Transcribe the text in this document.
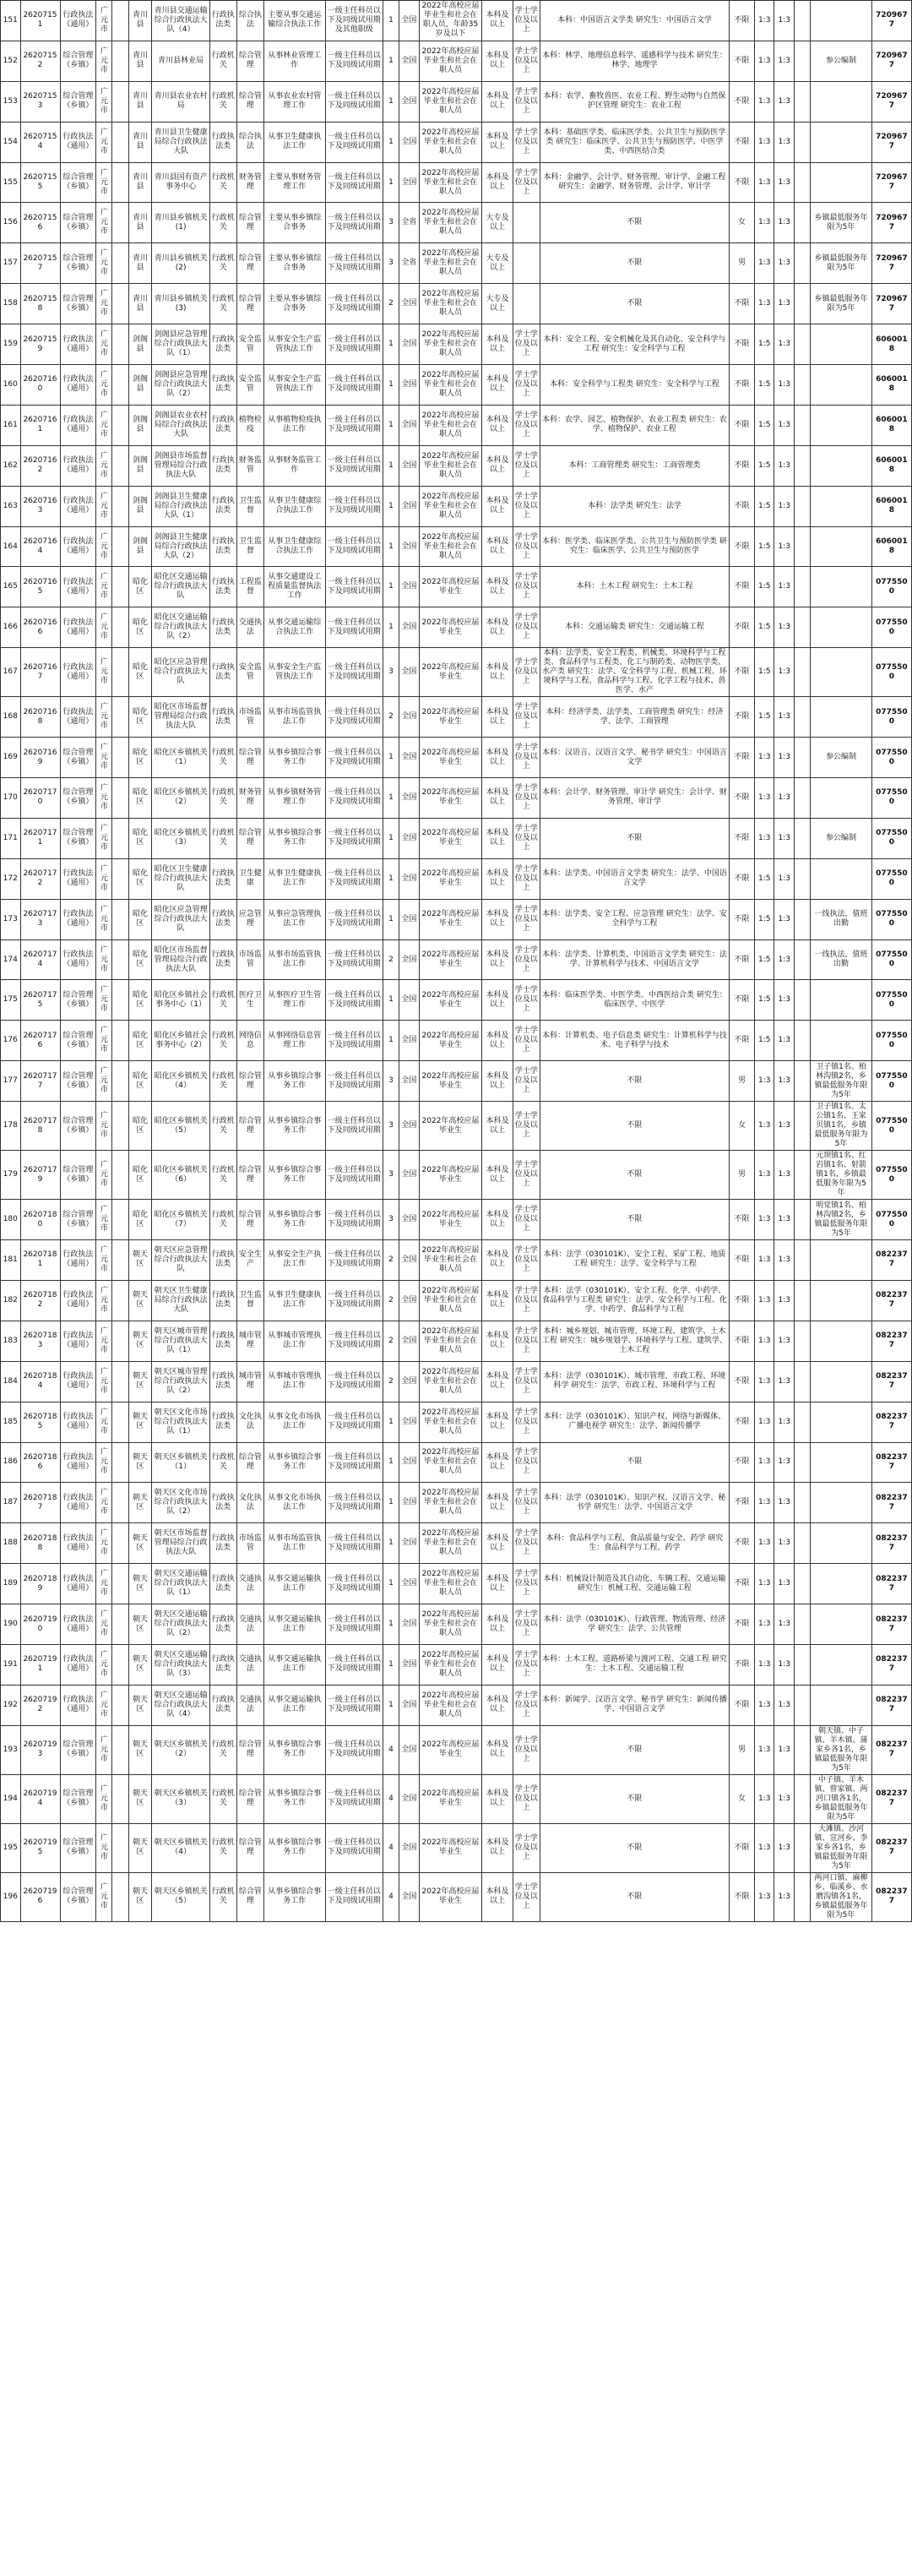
151	26207151	行政执法（通用）	广元市		青川县	青川县交通运输综合行政执法大队（4）	行政执法类	综合执法	主要从事交通运输综合执法工作	一级主任科员以下及同级试用期及其他职级	1	全国	2022年高校应届毕业生和社会在职人员，年龄35岁及以下	本科及以上	学士学位及以上	本科：中国语言文学类 研究生：中国语言文学	不限	1:3	1:3			7209677
152	26207152	综合管理（乡镇）	广元市		青川县	青川县林业局	行政机关	综合管理	从事林业管理工作	一级主任科员以下及同级试用期	1	全国	2022年高校应届毕业生和社会在职人员	本科及以上	学士学位及以上	本科：林学、地理信息科学、遥感科学与技术 研究生：林学、地理学	不限	1:3	1:3		参公编制	7209677
153	26207153	综合管理（乡镇）	广元市		青川县	青川县农业农村局	行政机关	综合管理	从事农业农村管理工作	一级主任科员以下及同级试用期	1	全国	2022年高校应届毕业生和社会在职人员	本科及以上	学士学位及以上	本科：农学、畜牧兽医、农业工程、野生动物与自然保护区管理 研究生：农业工程	不限	1:3	1:3			7209677
154	26207154	行政执法（通用）	广元市		青川县	青川县卫生健康局综合行政执法大队	行政执法类	综合执法	从事卫生健康执法工作	一级主任科员以下及同级试用期	1	全国	2022年高校应届毕业生和社会在职人员	本科及以上	学士学位及以上	本科：基础医学类、临床医学类、公共卫生与预防医学类 研究生：临床医学、公共卫生与预防医学、中医学类、中西医结合类	不限	1:3	1:3			7209677
155	26207155	综合管理（乡镇）	广元市		青川县	青川县国有资产事务中心	行政机关	财务管理	主要从事财务管理工作	一级主任科员以下及同级试用期	1	全国	2022年高校应届毕业生和社会在职人员	本科及以上	学士学位及以上	本科：金融学、会计学、财务管理、审计学、金融工程 研究生：金融学、财务管理、会计学、审计学	不限	1:3	1:3			7209677
156	26207156	综合管理（乡镇）	广元市		青川县	青川县乡镇机关(1)	行政机关	综合管理	主要从事乡镇综合事务	一级主任科员以下及同级试用期	3	全省	2022年高校应届毕业生和社会在职人员	大专及以上		不限	女	1:3	1:3		乡镇最低服务年限为5年	7209677
157	26207157	综合管理（乡镇）	广元市		青川县	青川县乡镇机关(2)	行政机关	综合管理	主要从事乡镇综合事务	一级主任科员以下及同级试用期	3	全省	2022年高校应届毕业生和社会在职人员	大专及以上		不限	男	1:3	1:3		乡镇最低服务年限为5年	7209677
158	26207158	综合管理（乡镇）	广元市		青川县	青川县乡镇机关(3)	行政机关	综合管理	主要从事乡镇综合事务	一级主任科员以下及同级试用期	2	全国	2022年高校应届毕业生和社会在职人员	大专及以上		不限	不限	1:3	1:3		乡镇最低服务年限为5年	7209677
159	26207159	行政执法（通用）	广元市		剑阁县	剑阁县应急管理综合行政执法大队（1）	行政执法类	安全监管	从事安全生产监管执法工作	一级主任科员以下及同级试用期	1	全国	2022年高校应届毕业生和社会在职人员	本科及以上	学士学位及以上	本科：安全工程、安全机械化及其自动化、安全科学与工程 研究生：安全科学与工程	不限	1:5	1:3			6060018
160	26207160	行政执法（通用）	广元市		剑阁县	剑阁县应急管理综合行政执法大队（2）	行政执法类	安全监管	从事安全生产监管执法工作	一级主任科员以下及同级试用期	1	全国	2022年高校应届毕业生和社会在职人员	本科及以上	学士学位及以上	本科：安全科学与工程类 研究生：安全科学与工程	不限	1:5	1:3			6060018
161	26207161	行政执法（通用）	广元市		剑阁县	剑阁县农业农村局综合行政执法大队	行政执法类	植物检疫	从事植物检疫执法工作	一级主任科员以下及同级试用期	1	全国	2022年高校应届毕业生和社会在职人员	本科及以上	学士学位及以上	本科：农学、园艺、植物保护、农业工程类 研究生：农学、植物保护、农业工程	不限	1:5	1:3			6060018
162	26207162	行政执法（通用）	广元市		剑阁县	剑阁县市场监督管理局综合行政执法大队	行政执法类	财务监管	从事财务监管工作	一级主任科员以下及同级试用期	1	全国	2022年高校应届毕业生和社会在职人员	本科及以上	学士学位及以上	本科：工商管理类 研究生：工商管理类	不限	1:5	1:3			6060018
163	26207163	行政执法（通用）	广元市		剑阁县	剑阁县卫生健康局综合行政执法大队（1）	行政执法类	卫生监督	从事卫生健康综合执法工作	一级主任科员以下及同级试用期	1	全国	2022年高校应届毕业生和社会在职人员	本科及以上	学士学位及以上	本科：法学类 研究生：法学	不限	1:5	1:3			6060018
164	26207164	行政执法（通用）	广元市		剑阁县	剑阁县卫生健康局综合行政执法大队（2）	行政执法类	卫生监督	从事卫生健康综合执法工作	一级主任科员以下及同级试用期	1	全国	2022年高校应届毕业生和社会在职人员	本科及以上	学士学位及以上	本科：医学类、临床医学类、公共卫生与预防医学类 研究生：临床医学、公共卫生与预防医学	不限	1:5	1:3			6060018
165	26207165	行政执法（通用）	广元市		昭化区	昭化区交通运输综合行政执法大队	行政执法类	工程监督	从事交通建设工程质量监督执法工作	一级主任科员以下及同级试用期	1	全国	2022年高校应届毕业生	本科及以上	学士学位及以上	本科：土木工程 研究生：土木工程	不限	1:5	1:3			0775500
166	26207166	行政执法（通用）	广元市		昭化区	昭化区交通运输综合行政执法大队（2）	行政执法类	交通执法	从事交通运输综合执法工作	一级主任科员以下及同级试用期	1	全国	2022年高校应届毕业生	本科及以上	学士学位及以上	本科：交通运输类 研究生：交通运输工程	不限	1:5	1:3			0775500
167	26207167	行政执法（通用）	广元市		昭化区	昭化区应急管理综合行政执法大队	行政执法类	安全监管	从事安全生产监管执法工作	一级主任科员以下及同级试用期	3	全国	2022年高校应届毕业生	本科及以上	学士学位及以上	本科：法学类、安全工程类、机械类、环境科学与工程类、食品科学与工程类、化工与制药类、动物医学类、水产类 研究生：法学、安全科学与工程、机械工程、环境科学与工程、食品科学与工程、化学工程与技术、兽医学、水产	不限	1:5	1:3			0775500
168	26207168	行政执法（通用）	广元市		昭化区	昭化区市场监督管理局综合行政执法大队	行政执法类	市场监管	从事市场监管执法工作	一级主任科员以下及同级试用期	2	全国	2022年高校应届毕业生	本科及以上	学士学位及以上	本科：经济学类、法学类、工商管理类 研究生：经济学、法学、工商管理	不限	1:5	1:3			0775500
169	26207169	综合管理（乡镇）	广元市		昭化区	昭化区乡镇机关（1）	行政机关	综合管理	从事乡镇综合事务工作	一级主任科员以下及同级试用期	1	全国	2022年高校应届毕业生	本科及以上	学士学位及以上	本科：汉语言、汉语言文学、秘书学 研究生：中国语言文学	不限	1:3	1:3		参公编制	0775500
170	26207170	综合管理（乡镇）	广元市		昭化区	昭化区乡镇机关（2）	行政机关	财务管理	从事乡镇财务管理工作	一级主任科员以下及同级试用期	1	全国	2022年高校应届毕业生	本科及以上	学士学位及以上	本科：会计学、财务管理、审计学 研究生：会计学、财务管理、审计学	不限	1:3	1:3			0775500
171	26207171	综合管理（乡镇）	广元市		昭化区	昭化区乡镇机关（3）	行政机关	综合管理	从事乡镇综合事务工作	一级主任科员以下及同级试用期	1	全国	2022年高校应届毕业生	本科及以上	学士学位及以上	不限	不限	1:3	1:3		参公编制	0775500
172	26207172	行政执法（通用）	广元市		昭化区	昭化区卫生健康综合行政执法大队	行政执法类	卫生健康	从事卫生健康执法工作	一级主任科员以下及同级试用期	1	全国	2022年高校应届毕业生	本科及以上	学士学位及以上	本科：法学类、中国语言文学类 研究生：法学、中国语言文学	不限	1:5	1:3			0775500
173	26207173	行政执法（通用）	广元市		昭化区	昭化区应急管理综合行政执法大队	行政执法类	应急管理	从事应急管理执法工作	一级主任科员以下及同级试用期	1	全国	2022年高校应届毕业生	本科及以上	学士学位及以上	本科：法学类、安全工程、应急管理 研究生：法学、安全科学与工程	不限	1:5	1:3		一线执法，值班出勤	0775500
174	26207174	行政执法（通用）	广元市		昭化区	昭化区市场监督管理局综合行政执法大队	行政执法类	市场监管	从事市场监管执法工作	一级主任科员以下及同级试用期	2	全国	2022年高校应届毕业生	本科及以上	学士学位及以上	本科：法学类、计算机类、中国语言文学类 研究生：法学、计算机科学与技术、中国语言文学	不限	1:5	1:3		一线执法，值班出勤	0775500
175	26207175	综合管理（乡镇）	广元市		昭化区	昭化区乡镇社会事务中心（1）	行政机关	医疗卫生	从事医疗卫生管理工作	一级主任科员以下及同级试用期	1	全国	2022年高校应届毕业生	本科及以上	学士学位及以上	本科：临床医学类、中医学类、中西医结合类 研究生：临床医学、中医学	不限	1:5	1:3			0775500
176	26207176	综合管理（乡镇）	广元市		昭化区	昭化区乡镇社会事务中心（2）	行政机关	网络信息	从事网络信息管理工作	一级主任科员以下及同级试用期	1	全国	2022年高校应届毕业生	本科及以上	学士学位及以上	本科：计算机类、电子信息类 研究生：计算机科学与技术、电子科学与技术	不限	1:5	1:3			0775500
177	26207177	综合管理（乡镇）	广元市		昭化区	昭化区乡镇机关（4）	行政机关	综合管理	从事乡镇综合事务工作	一级主任科员以下及同级试用期	3	全国	2022年高校应届毕业生	本科及以上	学士学位及以上	不限	男	1:3	1:3		卫子镇1名、柏林沟镇2名，乡镇最低服务年限为5年	0775500
178	26207178	综合管理（乡镇）	广元市		昭化区	昭化区乡镇机关（5）	行政机关	综合管理	从事乡镇综合事务工作	一级主任科员以下及同级试用期	3	全国	2022年高校应届毕业生	本科及以上	学士学位及以上	不限	女	1:3	1:3		卫子镇1名、太公镇1名、王家贝镇1名，乡镇最低服务年限为5年	0775500
179	26207179	综合管理（乡镇）	广元市		昭化区	昭化区乡镇机关（6）	行政机关	综合管理	从事乡镇综合事务工作	一级主任科员以下及同级试用期	3	全国	2022年高校应届毕业生	本科及以上	学士学位及以上	不限	男	1:3	1:3		元坝镇1名、红岩镇1名、射箭镇1名，乡镇最低服务年限为5年	0775500
180	26207180	综合管理（乡镇）	广元市		昭化区	昭化区乡镇机关（7）	行政机关	综合管理	从事乡镇综合事务工作	一级主任科员以下及同级试用期	3	全国	2022年高校应届毕业生	本科及以上	学士学位及以上	不限	不限	1:3	1:3		明觉镇1名、柏林沟镇2名，乡镇最低服务年限为5年	0775500
181	26207181	行政执法（通用）	广元市		朝天区	朝天区应急管理综合行政执法大队	行政执法类	安全生产	从事安全生产执法工作	一级主任科员以下及同级试用期	2	全国	2022年高校应届毕业生和社会在职人员	本科及以上	学士学位及以上	本科：法学（030101K）、安全工程、采矿工程、地质工程 研究生：法学、安全科学与工程	不限	1:3	1:3			0822377
182	26207182	行政执法（通用）	广元市		朝天区	朝天区卫生健康局综合行政执法大队	行政执法类	卫生监督	从事卫生健康执法工作	一级主任科员以下及同级试用期	2	全国	2022年高校应届毕业生和社会在职人员	本科及以上	学士学位及以上	本科：法学（030101K）、安全工程、化学、中药学、食品科学与工程类 研究生：法学、安全科学与工程、化学、中药学、食品科学与工程	不限	1:3	1:3			0822377
183	26207183	行政执法（通用）	广元市		朝天区	朝天区城市管理综合行政执法大队（1）	行政执法类	城市管理	从事城市管理执法工作	一级主任科员以下及同级试用期	2	全国	2022年高校应届毕业生和社会在职人员	本科及以上	学士学位及以上	本科：城乡规划、城市管理、环境工程、建筑学、土木工程 研究生：城乡规划学、环境科学与工程、建筑学、土木工程	不限	1:3	1:3			0822377
184	26207184	行政执法（通用）	广元市		朝天区	朝天区城市管理综合行政执法大队（2）	行政执法类	城市管理	从事城市管理执法工作	一级主任科员以下及同级试用期	2	全国	2022年高校应届毕业生和社会在职人员	本科及以上	学士学位及以上	本科：法学（030101K）、城市管理、市政工程、环境科学 研究生：法学、市政工程、环境科学与工程	不限	1:3	1:3			0822377
185	26207185	行政执法（通用）	广元市		朝天区	朝天区文化市场综合行政执法大队（1）	行政执法类	文化执法	从事文化市场执法工作	一级主任科员以下及同级试用期	1	全国	2022年高校应届毕业生和社会在职人员	本科及以上	学士学位及以上	本科：法学（030101K）、知识产权、网络与新媒体、广播电视学 研究生：法学、新闻传播学	不限	1:3	1:3			0822377
186	26207186	行政执法（通用）	广元市		朝天区	朝天区乡镇机关（1）	行政机关	综合管理	从事乡镇综合事务工作	一级主任科员以下及同级试用期	1	全国	2022年高校应届毕业生和社会在职人员	本科及以上	学士学位及以上	不限	不限	1:3	1:3			0822377
187	26207187	行政执法（通用）	广元市		朝天区	朝天区文化市场综合行政执法大队（2）	行政执法类	文化执法	从事文化市场执法工作	一级主任科员以下及同级试用期	1	全国	2022年高校应届毕业生和社会在职人员	本科及以上	学士学位及以上	本科：法学（030101K）、知识产权、汉语言文学、秘书学 研究生：法学、中国语言文学	不限	1:3	1:3			0822377
188	26207188	行政执法（通用）	广元市		朝天区	朝天区市场监督管理局综合行政执法大队	行政执法类	市场监管	从事市场监管执法工作	一级主任科员以下及同级试用期	1	全国	2022年高校应届毕业生和社会在职人员	本科及以上	学士学位及以上	本科：食品科学与工程、食品质量与安全、药学 研究生：食品科学与工程、药学	不限	1:3	1:3			0822377
189	26207189	行政执法（通用）	广元市		朝天区	朝天区交通运输综合行政执法大队（1）	行政执法类	交通执法	从事交通运输执法工作	一级主任科员以下及同级试用期	1	全国	2022年高校应届毕业生和社会在职人员	本科及以上	学士学位及以上	本科：机械设计制造及其自动化、车辆工程、交通运输 研究生：机械工程、交通运输工程	不限	1:3	1:3			0822377
190	26207190	行政执法（通用）	广元市		朝天区	朝天区交通运输综合行政执法大队（2）	行政执法类	交通执法	从事交通运输执法工作	一级主任科员以下及同级试用期	1	全国	2022年高校应届毕业生和社会在职人员	本科及以上	学士学位及以上	本科：法学（030101K）、行政管理、物流管理、经济学 研究生：法学、公共管理	不限	1:3	1:3			0822377
191	26207191	行政执法（通用）	广元市		朝天区	朝天区交通运输综合行政执法大队（3）	行政执法类	交通执法	从事交通运输执法工作	一级主任科员以下及同级试用期	1	全国	2022年高校应届毕业生和社会在职人员	本科及以上	学士学位及以上	本科：土木工程、道路桥梁与渡河工程、交通工程 研究生：土木工程、交通运输工程	不限	1:3	1:3			0822377
192	26207192	行政执法（通用）	广元市		朝天区	朝天区交通运输综合行政执法大队（4）	行政执法类	交通执法	从事交通运输执法工作	一级主任科员以下及同级试用期	1	全国	2022年高校应届毕业生和社会在职人员	本科及以上	学士学位及以上	本科：新闻学、汉语言文学、秘书学 研究生：新闻传播学、中国语言文学	不限	1:3	1:3			0822377
193	26207193	综合管理（乡镇）	广元市		朝天区	朝天区乡镇机关（2）	行政机关	综合管理	从事乡镇综合事务工作	一级主任科员以下及同级试用期	4	全国	2022年高校应届毕业生	本科及以上	学士学位及以上	不限	男	1:3	1:3		朝天镇、中子镇、羊木镇、蒲家乡各1名，乡镇最低服务年限为5年	0822377
194	26207194	综合管理（乡镇）	广元市		朝天区	朝天区乡镇机关（3）	行政机关	综合管理	从事乡镇综合事务工作	一级主任科员以下及同级试用期	4	全国	2022年高校应届毕业生	本科及以上	学士学位及以上	不限	女	1:3	1:3		中子镇、羊木镇、曾家镇、两河口镇各1名，乡镇最低服务年限为5年	0822377
195	26207195	综合管理（乡镇）	广元市		朝天区	朝天区乡镇机关（4）	行政机关	综合管理	从事乡镇综合事务工作	一级主任科员以下及同级试用期	4	全国	2022年高校应届毕业生	本科及以上	学士学位及以上	不限	不限	1:3	1:3		大滩镇、沙河镇、宣河乡、李家乡各1名，乡镇最低服务年限为5年	0822377
196	26207196	综合管理（乡镇）	广元市		朝天区	朝天区乡镇机关（5）	行政机关	综合管理	从事乡镇综合事务工作	一级主任科员以下及同级试用期	4	全国	2022年高校应届毕业生	本科及以上	学士学位及以上	不限	不限	1:3	1:3		两河口镇、麻柳乡、临溪乡、水磨沟镇各1名，乡镇最低服务年限为5年	0822377
